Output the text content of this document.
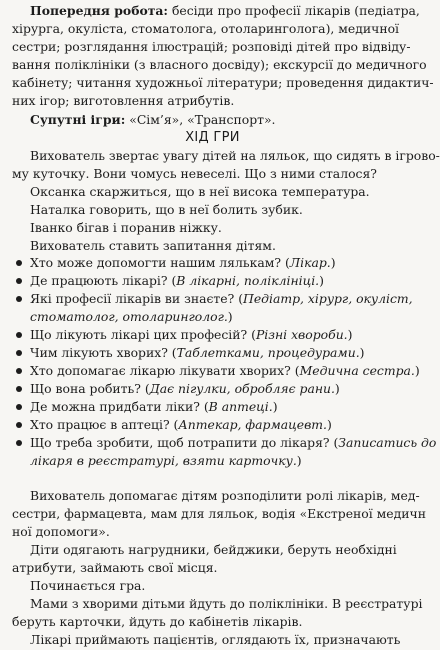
Попередня робота: бесіди про професії лікарів (педіатра,
хірурга, окуліста, стоматолога, отоларинголога), медичної
сестри; розглядання ілюстрацій; розповіді дітей про відвіду-
вання поліклініки (з власного досвіду); екскурсії до медичного
кабінету; читання художньої літератури; проведення дидактич-
них ігор; виготовлення атрибутів.
Супутні ігри: «Сім’я», «Транспорт».
ХІД ГРИ
Вихователь звертає увагу дітей на ляльок, що сидять в ігрово-
му куточку. Вони чомусь невеселі. Що з ними сталося?
Оксанка скаржиться, що в неї висока температура.
Наталка говорить, що в неї болить зубик.
Іванко бігав і поранив ніжку.
Вихователь ставить запитання дітям.
Хто може допомогти нашим лялькам? (Лікар.)
Де працюють лікарі? (В лікарні, поліклініці.)
Які професії лікарів ви знаєте? (Педіатр, хірург, окуліст,
стоматолог, отоларинголог.)
Що лікують лікарі цих професій? (Різні хвороби.)
Чим лікують хворих? (Таблетками, процедурами.)
Хто допомагає лікарю лікувати хворих? (Медична сестра.)
Що вона робить? (Дає пігулки, обробляє рани.)
Де можна придбати ліки? (В аптеці.)
Хто працює в аптеці? (Аптекар, фармацевт.)
Що треба зробити, щоб потрапити до лікаря? (Записатись до
лікаря в реєстратурі, взяти карточку.)
Вихователь допомагає дітям розподілити ролі лікарів, мед-
сестри, фармацевта, мам для ляльок, водія «Екстреної медичн
ної допомоги».
Діти одягають нагрудники, бейджики, беруть необхідні
атрибути, займають свої місця.
Починається гра.
Мами з хворими дітьми йдуть до поліклініки. В реєстратурі
беруть карточки, йдуть до кабінетів лікарів.
Лікарі приймають пацієнтів, оглядають їх, призначають
